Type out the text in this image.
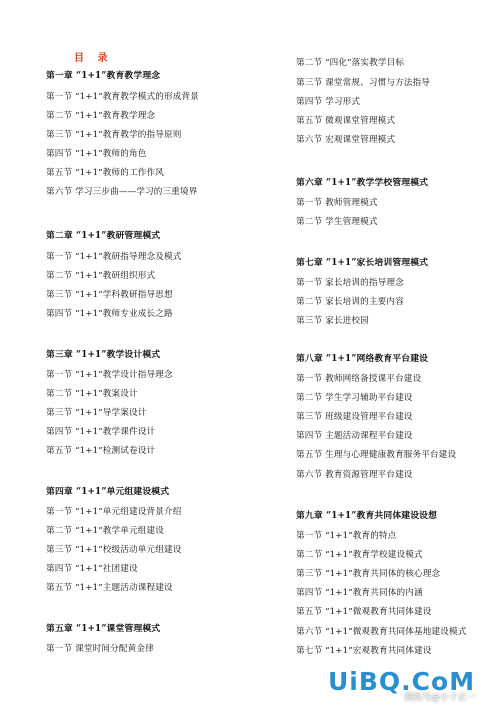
目 录
第一章 “1+1”教育教学理念
第一节 “1+1”教育教学模式的形成背景
第二节 “1+1”教育教学理念
第三节 “1+1”教育教学的指导原则
第四节 “1+1”教师的角色
第五节 “1+1”教师的工作作风
第六节 学习三步曲——学习的三重境界
第二章 “1+1”教研管理模式
第一节 “1+1”教研指导理念及模式
第二节 “1+1”教研组织形式
第三节 “1+1”学科教研指导思想
第四节 “1+1”教师专业成长之路
第三章 “1+1”教学设计模式
第一节 “1+1”教学设计指导理念
第二节 “1+1”教案设计
第三节 “1+1”导学案设计
第四节 “1+1”教学课件设计
第五节 “1+1”检测试卷设计
第四章 “1+1”单元组建设模式
第一节 “1+1”单元组建设背景介绍
第二节 “1+1”教学单元组建设
第三节 “1+1”校级活动单元组建设
第四节 “1+1”社团建设
第五节 “1+1”主题活动课程建设
第五章 “1+1”课堂管理模式
第一节 课堂时间分配黄金律
第二节 “四化”落实教学目标
第三节 课堂常规、习惯与方法指导
第四节 学习形式
第五节 微观课堂管理模式
第六节 宏观课堂管理模式
第六章 “1+1”教学学校管理模式
第一节 教师管理模式
第二节 学生管理模式
第七章 “1+1”家长培训管理模式
第一节 家长培训的指导理念
第二节 家长培训的主要内容
第三节 家长进校园
第八章 “1+1”网络教育平台建设
第一节 教师网络备授课平台建设
第二节 学生学习辅助平台建设
第三节 班级建设管理平台建设
第四节 主题活动课程平台建设
第五节 生理与心理健康教育服务平台建设
第六节 教育资源管理平台建设
第九章 “1+1”教育共同体建设设想
第一节 “1+1”教育的特点
第二节 “1+1”教育学校建设模式
第三节 “1+1”教育共同体的核心理念
第四节 “1+1”教育共同体的内涵
第五节 “1+1”微观教育共同体建设
第六节 “1+1”微观教育共同体基地建设模式
第七节 “1+1”宏观教育共同体建设
UiBQ.CoM
搜狐号@小子正一
